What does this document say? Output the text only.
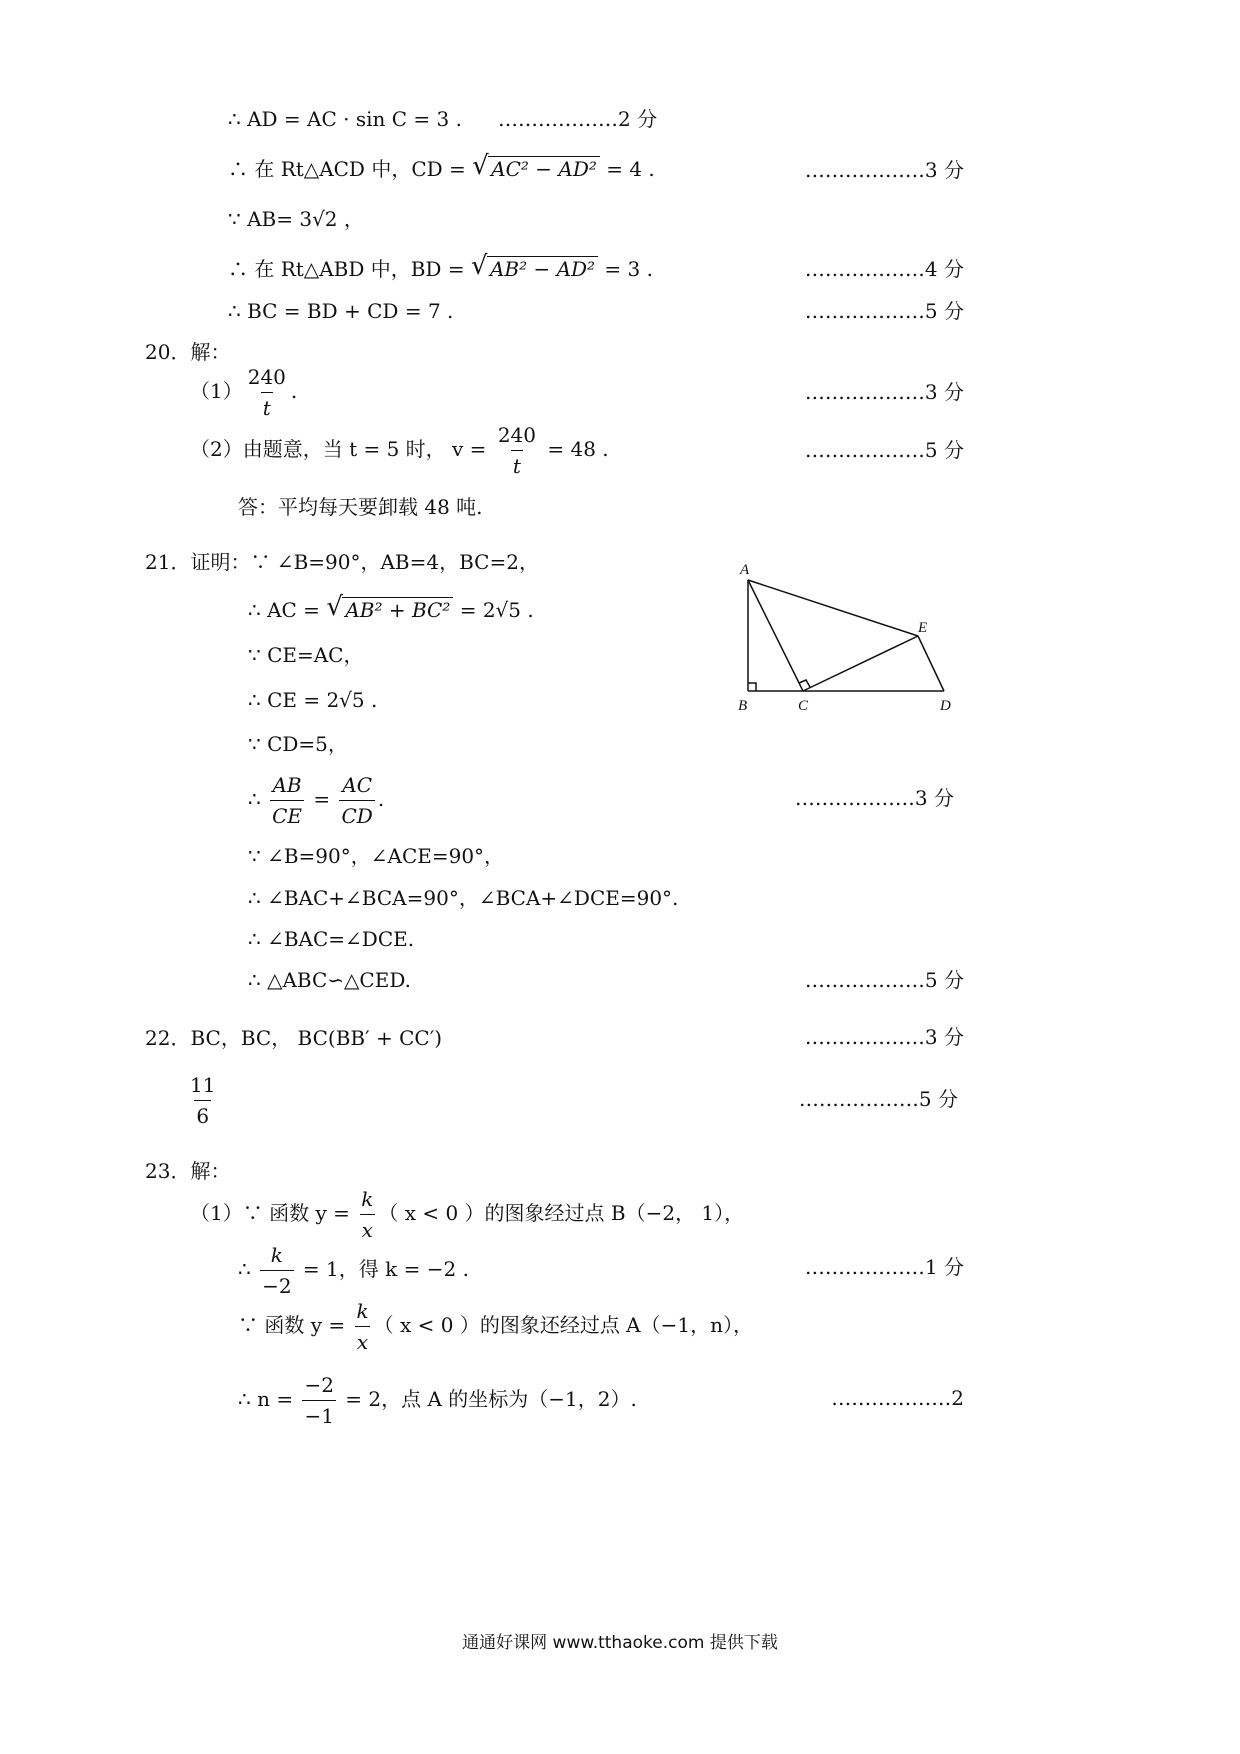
∴ AD = AC · sin C = 3 . ………………2 分
∴ 在 Rt△ACD 中，CD = √ AC² − AD² = 4 .	………………3 分
∵ AB= 3√2 ，
∴ 在 Rt△ABD 中，BD = √ AB² − AD² = 3 .	………………4 分
∴ BC = BD + CD = 7 .	………………5 分
20．解：
$(1) \frac{240}{t}$ .	………………3 分
（2）由题意，当 t = 5 时， $v = \frac{240}{t} = 48$ .	………………5 分
答：平均每天要卸载 48 吨.
21．证明：∵ ∠B=90°，AB=4，BC=2，
∴ AC = √ AB² + BC² = 2√5 .
∵ CE=AC，
∴ CE = 2√5 .
∵ CD=5，
∴ $\frac{AB}{CE} = \frac{AC}{CD}$ .	………………3 分
∵ ∠B=90°，∠ACE=90°，
∴ ∠BAC+∠BCA=90°，∠BCA+∠DCE=90°.
∴ ∠BAC=∠DCE.
∴ △ABC∽△CED.	………………5 分
A
B	C	D
E
22．BC，BC， BC(BB′ + CC′)	………………3 分
$\frac{11}{6}$	………………5 分
23．解：
（1）∵ 函数 $y = \frac{k}{x}$ （ x < 0 ）的图象经过点 B（−2， 1），
∴ $\frac{k}{-2} = 1$，得 k = −2 .	………………1 分
∵ 函数 $y = \frac{k}{x}$ （ x < 0 ）的图象还经过点 A（−1，n），
∴ $n = \frac{-2}{-1} = 2$，点 A 的坐标为（−1，2）.	………………2
通通好课网 www.tthaoke.com 提供下载
